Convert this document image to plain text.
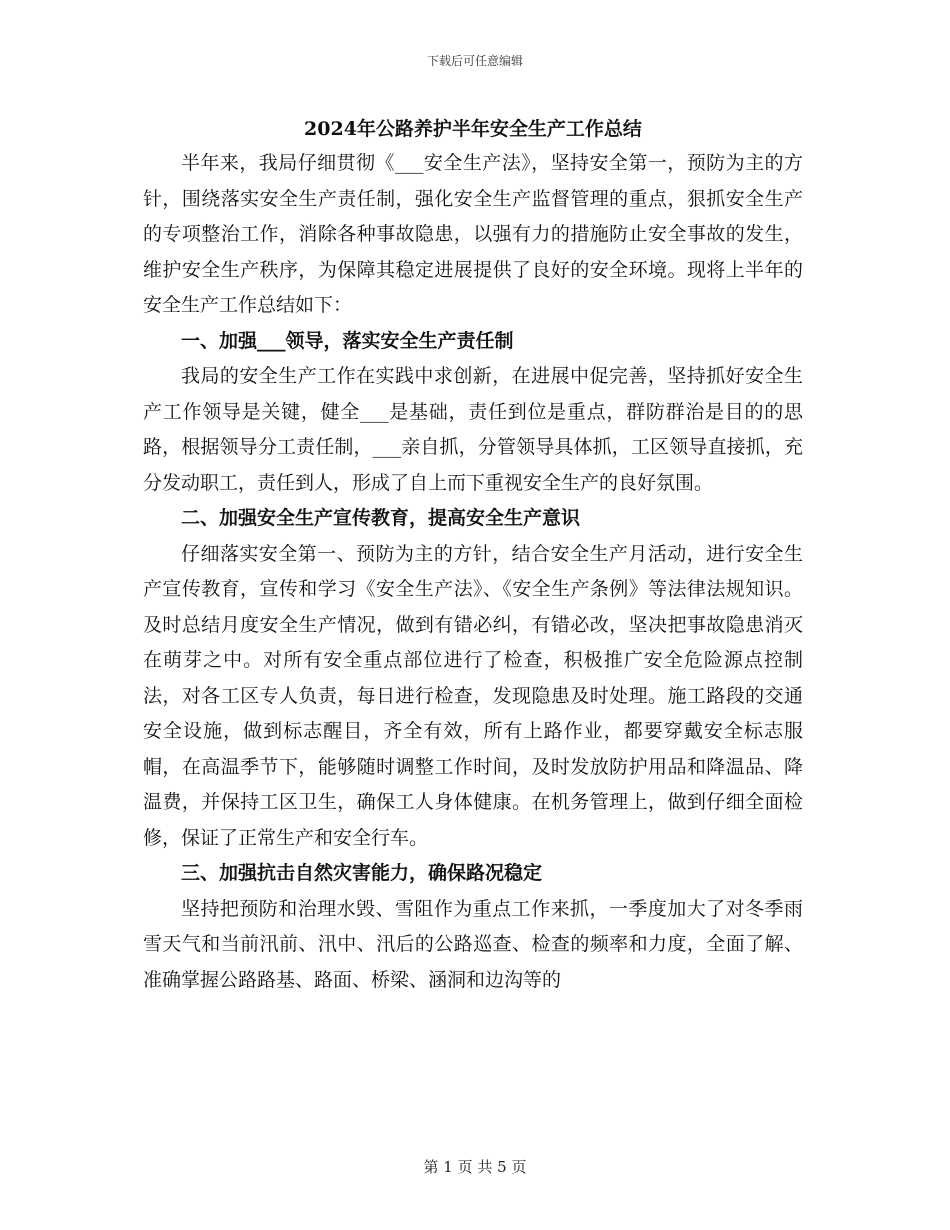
下载后可任意编辑
2024年公路养护半年安全生产工作总结

半年来，我局仔细贯彻《___安全生产法》，坚持安全第一，预防为主的方针，围绕落实安全生产责任制，强化安全生产监督管理的重点，狠抓安全生产的专项整治工作，消除各种事故隐患，以强有力的措施防止安全事故的发生，维护安全生产秩序，为保障其稳定进展提供了良好的安全环境。现将上半年的安全生产工作总结如下：

一、加强___领导，落实安全生产责任制

我局的安全生产工作在实践中求创新，在进展中促完善，坚持抓好安全生产工作领导是关键，健全___是基础，责任到位是重点，群防群治是目的的思路，根据领导分工责任制，___亲自抓，分管领导具体抓，工区领导直接抓，充分发动职工，责任到人，形成了自上而下重视安全生产的良好氛围。

二、加强安全生产宣传教育，提高安全生产意识

仔细落实安全第一、预防为主的方针，结合安全生产月活动，进行安全生产宣传教育，宣传和学习《安全生产法》、《安全生产条例》等法律法规知识。及时总结月度安全生产情况，做到有错必纠，有错必改，坚决把事故隐患消灭在萌芽之中。对所有安全重点部位进行了检查，积极推广安全危险源点控制法，对各工区专人负责，每日进行检查，发现隐患及时处理。施工路段的交通安全设施，做到标志醒目，齐全有效，所有上路作业，都要穿戴安全标志服帽，在高温季节下，能够随时调整工作时间，及时发放防护用品和降温品、降温费，并保持工区卫生，确保工人身体健康。在机务管理上，做到仔细全面检修，保证了正常生产和安全行车。

三、加强抗击自然灾害能力，确保路况稳定

坚持把预防和治理水毁、雪阻作为重点工作来抓，一季度加大了对冬季雨雪天气和当前汛前、汛中、汛后的公路巡查、检查的频率和力度，全面了解、准确掌握公路路基、路面、桥梁、涵洞和边沟等的

第 1 页 共 5 页
